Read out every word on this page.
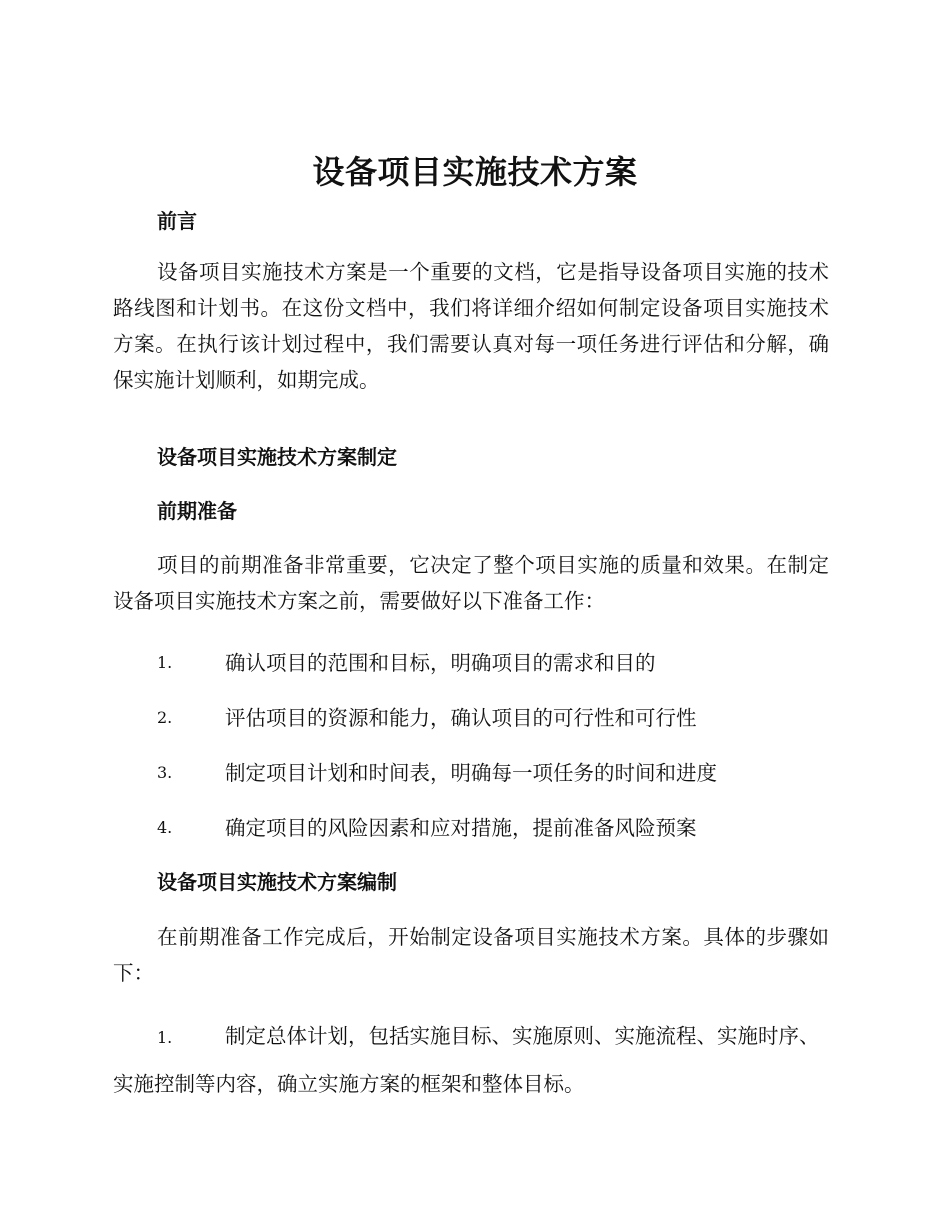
设备项目实施技术方案
前言

设备项目实施技术方案是一个重要的文档，它是指导设备项目实施的技术路线图和计划书。在这份文档中，我们将详细介绍如何制定设备项目实施技术方案。在执行该计划过程中，我们需要认真对每一项任务进行评估和分解，确保实施计划顺利，如期完成。

设备项目实施技术方案制定
前期准备

项目的前期准备非常重要，它决定了整个项目实施的质量和效果。在制定设备项目实施技术方案之前，需要做好以下准备工作：

1.	确认项目的范围和目标，明确项目的需求和目的
2.	评估项目的资源和能力，确认项目的可行性和可行性
3.	制定项目计划和时间表，明确每一项任务的时间和进度
4.	确定项目的风险因素和应对措施，提前准备风险预案
设备项目实施技术方案编制

在前期准备工作完成后，开始制定设备项目实施技术方案。具体的步骤如下：

1.	制定总体计划，包括实施目标、实施原则、实施流程、实施时序、实施控制等内容，确立实施方案的框架和整体目标。
